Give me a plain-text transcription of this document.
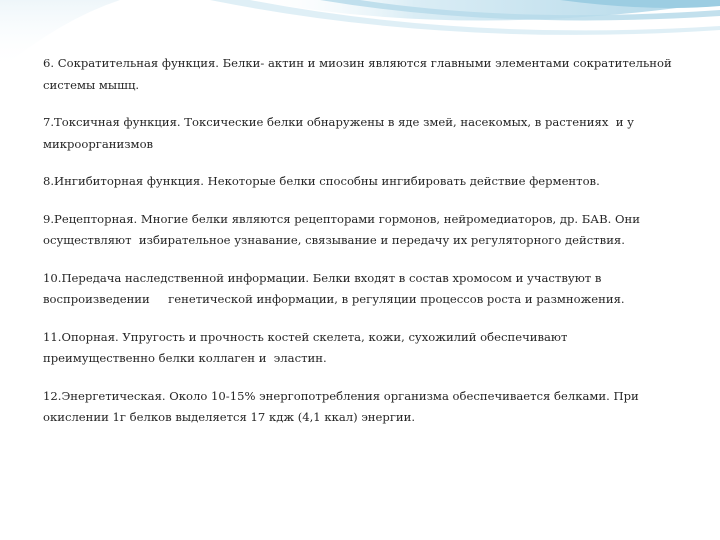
6. Сократительная функция. Белки- актин и миозин являются главными элементами сократительной системы мышц.

7.Токсичная функция. Токсические белки обнаружены в яде змей, насекомых, в растениях  и у микроорганизмов

8.Ингибиторная функция. Некоторые белки способны ингибировать действие ферментов.

9.Рецепторная. Многие белки являются рецепторами гормонов, нейромедиаторов, др. БАВ. Они осуществляют  избирательное узнавание, связывание и передачу их регуляторного действия.

10.Передача наследственной информации. Белки входят в состав хромосом и участвуют в воспроизведении     генетической информации, в регуляции процессов роста и размножения.

11.Опорная. Упругость и прочность костей скелета, кожи, сухожилий обеспечивают преимущественно белки коллаген и  эластин.

12.Энергетическая. Около 10-15% энергопотребления организма обеспечивается белками. При окислении 1г белков выделяется 17 кдж (4,1 ккал) энергии.
